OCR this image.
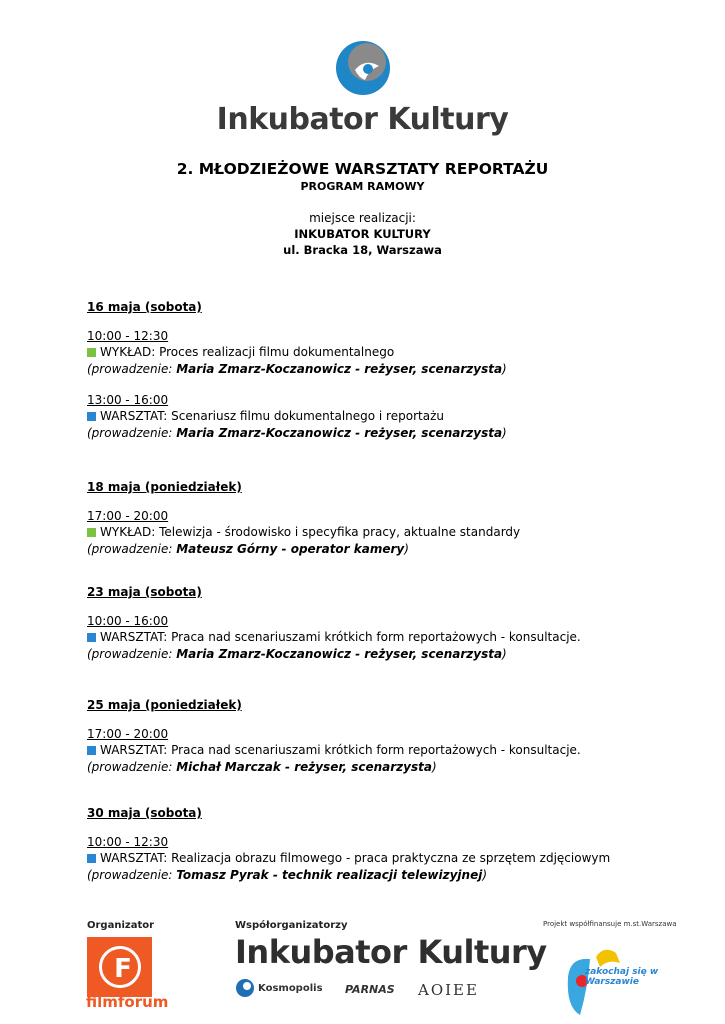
Inkubator Kultury
2. MŁODZIEŻOWE WARSZTATY REPORTAŻU
PROGRAM RAMOWY
miejsce realizacji:
INKUBATOR KULTURY
ul. Bracka 18, Warszawa
16 maja (sobota)
10:00 - 12:30
WYKŁAD: Proces realizacji filmu dokumentalnego
(prowadzenie: Maria Zmarz-Koczanowicz - reżyser, scenarzysta)
13:00 - 16:00
WARSZTAT: Scenariusz filmu dokumentalnego i reportażu
(prowadzenie: Maria Zmarz-Koczanowicz - reżyser, scenarzysta)
18 maja (poniedziałek)
17:00 - 20:00
WYKŁAD: Telewizja - środowisko i specyfika pracy, aktualne standardy
(prowadzenie: Mateusz Górny - operator kamery)
23 maja (sobota)
10:00 - 16:00
WARSZTAT: Praca nad scenariuszami krótkich form reportażowych - konsultacje.
(prowadzenie: Maria Zmarz-Koczanowicz - reżyser, scenarzysta)
25 maja (poniedziałek)
17:00 - 20:00
WARSZTAT: Praca nad scenariuszami krótkich form reportażowych - konsultacje.
(prowadzenie: Michał Marczak - reżyser, scenarzysta)
30 maja (sobota)
10:00 - 12:30
WARSZTAT: Realizacja obrazu filmowego - praca praktyczna ze sprzętem zdjęciowym
(prowadzenie: Tomasz Pyrak - technik realizacji telewizyjnej)
Organizator
F
filmforum
Współorganizatorzy
Inkubator Kultury
Kosmopolis PARNAS AOIEE
Projekt współfinansuje m.st.Warszawa
zakochaj się w Warszawie
